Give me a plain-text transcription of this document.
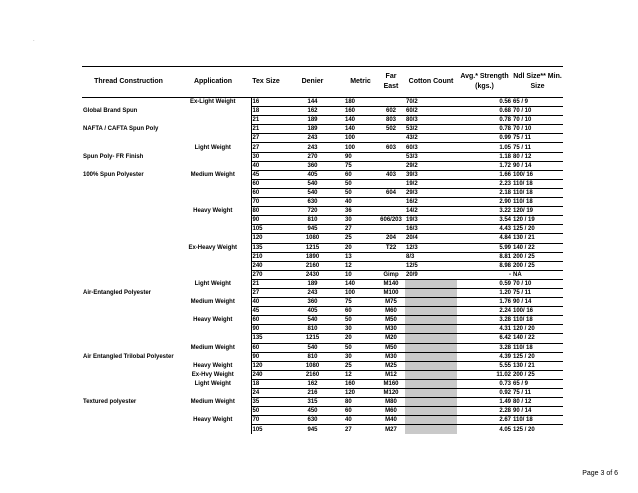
.
Thread Construction	Application	Tex Size	Denier	Metric	Far East	Cotton Count	Avg.* Strength (kgs.)	Ndl Size** Min. Size
	Ex-Light Weight	16	144	180		70/2	0.56	65 / 9
Global Brand Spun		18	162	160	602	60/2	0.68	70 / 10
		21	189	140	803	80/3	0.78	70 / 10
NAFTA / CAFTA Spun Poly		21	189	140	502	53/2	0.78	70 / 10
		27	243	100		43/2	0.99	75 / 11
	Light Weight	27	243	100	603	60/3	1.05	75 / 11
Spun Poly- FR Finish		30	270	90		53/3	1.18	80 / 12
		40	360	75		29/2	1.72	90 / 14
100% Spun Polyester	Medium Weight	45	405	60	403	39/3	1.66	100/ 16
		60	540	50		19/2	2.23	110/ 18
		60	540	50	604	29/3	2.18	110/ 18
		70	630	40		16/2	2.90	110/ 18
	Heavy Weight	80	720	36		14/2	3.22	120/ 19
		90	810	30	606/203	19/3	3.54	120 / 19
		105	945	27		16/3	4.43	125 / 20
		120	1080	25	204	20/4	4.84	130 / 21
	Ex-Heavy Weight	135	1215	20	T22	12/3	5.99	140 / 22
		210	1890	13		8/3	8.81	200 / 25
		240	2160	12		12/5	8.98	200 / 25
		270	2430	10	Gimp	20/9	-	NA
	Light Weight	21	189	140	M140		0.59	70 / 10
Air-Entangled Polyester		27	243	100	M100		1.20	75 / 11
	Medium Weight	40	360	75	M75		1.76	90 / 14
		45	405	60	M60		2.24	100/ 16
	Heavy Weight	60	540	50	M50		3.28	110/ 18
		90	810	30	M30		4.31	120 / 20
		135	1215	20	M20		6.42	140 / 22
	Medium Weight	60	540	50	M50		3.28	110/ 18
Air Entangled Trilobal Polyester		90	810	30	M30		4.39	125 / 20
	Heavy Weight	120	1080	25	M25		5.55	130 / 21
	Ex-Hvy Weight	240	2160	12	M12		11.02	200 / 25
	Light Weight	18	162	160	M160		0.73	65 / 9
		24	216	120	M120		0.92	75 / 11
Textured polyester	Medium Weight	35	315	80	M80		1.49	80 / 12
		50	450	60	M60		2.28	90 / 14
	Heavy Weight	70	630	40	M40		2.67	110/ 18
		105	945	27	M27		4.05	125 / 20
Page 3 of 6
